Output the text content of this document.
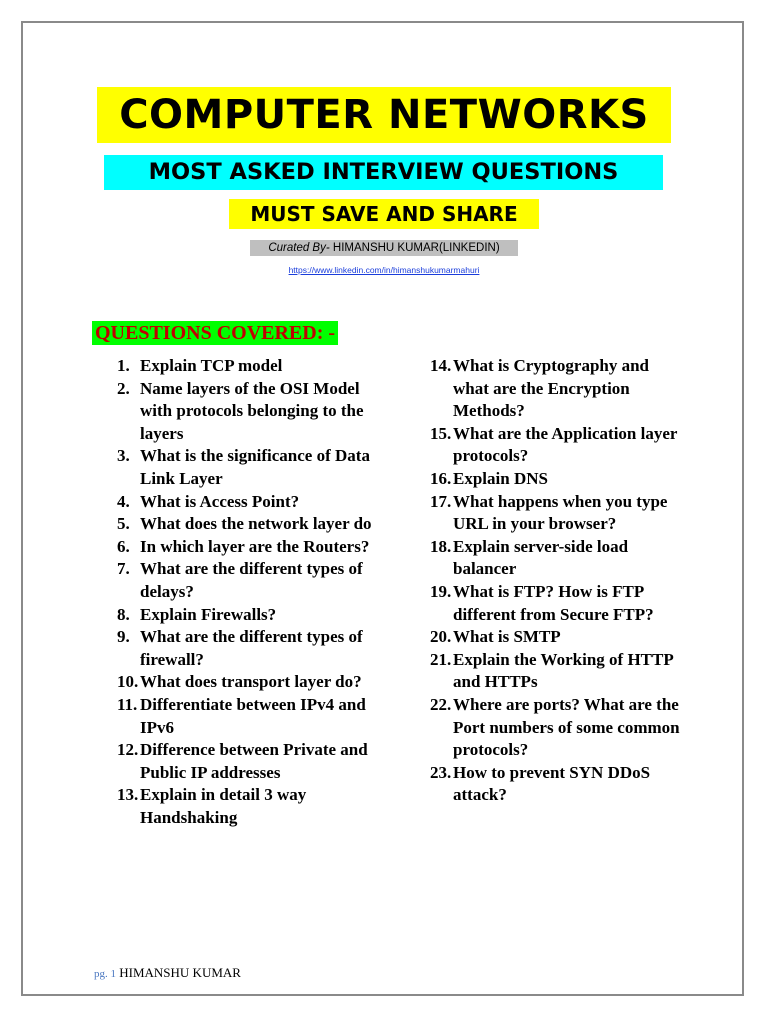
COMPUTER NETWORKS
MOST ASKED INTERVIEW QUESTIONS
MUST SAVE AND SHARE
Curated By- HIMANSHU KUMAR(LINKEDIN)
https://www.linkedin.com/in/himanshukumarmahuri
QUESTIONS COVERED: -
1. Explain TCP model
2. Name layers of the OSI Model with protocols belonging to the layers
3. What is the significance of Data Link Layer
4. What is Access Point?
5. What does the network layer do
6. In which layer are the Routers?
7. What are the different types of delays?
8. Explain Firewalls?
9. What are the different types of firewall?
10. What does transport layer do?
11. Differentiate between IPv4 and IPv6
12. Difference between Private and Public IP addresses
13. Explain in detail 3 way Handshaking
14. What is Cryptography and what are the Encryption Methods?
15. What are the Application layer protocols?
16. Explain DNS
17. What happens when you type URL in your browser?
18. Explain server-side load balancer
19. What is FTP? How is FTP different from Secure FTP?
20. What is SMTP
21. Explain the Working of HTTP and HTTPs
22. Where are ports? What are the Port numbers of some common protocols?
23. How to prevent SYN DDoS attack?
pg. 1 HIMANSHU KUMAR
